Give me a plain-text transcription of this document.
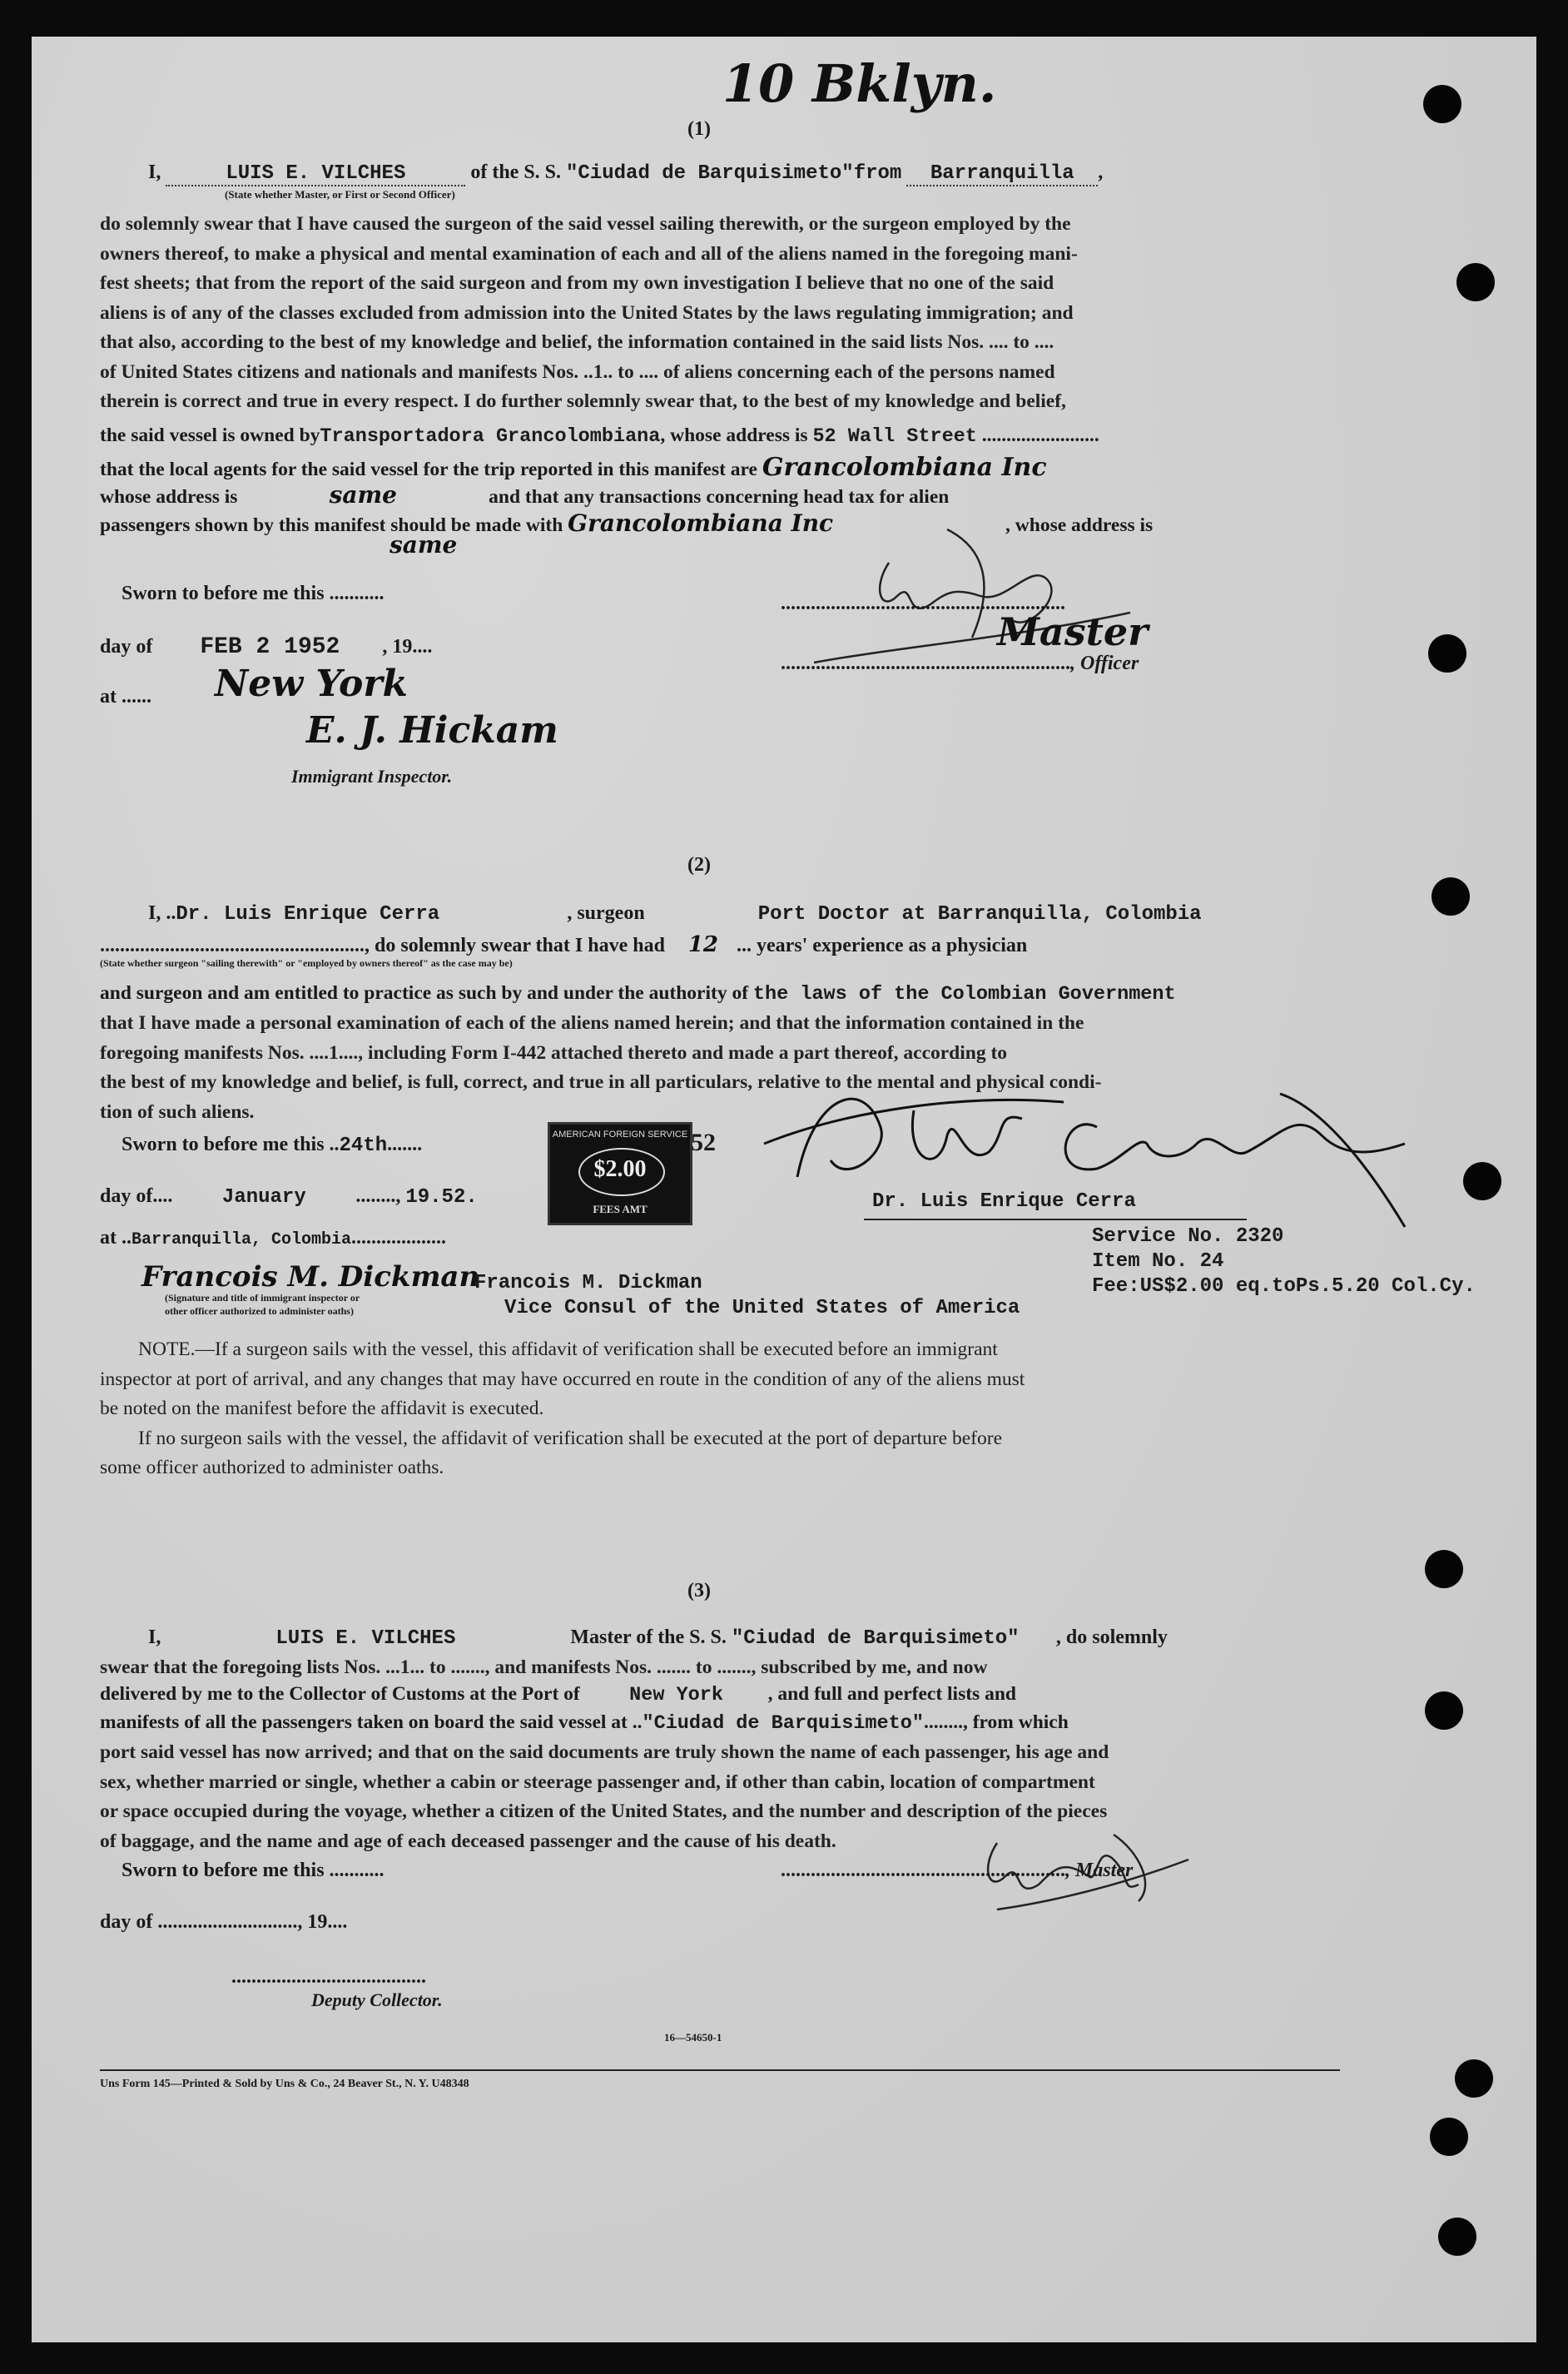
10 Bklyn.
(1)
I,	LUIS E. VILCHES	of the S. S. "Ciudad de Barquisimeto"from Barranquilla ,
(State whether Master, or First or Second Officer)
do solemnly swear that I have caused the surgeon of the said vessel sailing therewith, or the surgeon employed by the
owners thereof, to make a physical and mental examination of each and all of the aliens named in the foregoing mani-
fest sheets; that from the report of the said surgeon and from my own investigation I believe that no one of the said
aliens is of any of the classes excluded from admission into the United States by the laws regulating immigration; and
that also, according to the best of my knowledge and belief, the information contained in the said lists Nos. .... to ....
of United States citizens and nationals and manifests Nos. ..1.. to .... of aliens concerning each of the persons named
therein is correct and true in every respect. I do further solemnly swear that, to the best of my knowledge and belief,
the said vessel is owned byTransportadora Grancolombiana, whose address is 52 Wall Street ........................
that the local agents for the said vessel for the trip reported in this manifest are Grancolombiana Inc
whose address is	same	and that any transactions concerning head tax for alien
passengers shown by this manifest should be made with Grancolombiana Inc	, whose address is
same
Sworn to before me this ...........
day of FEB 2 1952 , 19....
at ...... New York
E. J. Hickam
Immigrant Inspector.
.........................................................
Master
.........................................................., Officer
(2)
I, ..Dr. Luis Enrique Cerra	, surgeon	Port Doctor at Barranquilla, Colombia
....................................................., do solemnly swear that I have had 12 ... years' experience as a physician
(State whether surgeon "sailing therewith" or "employed by owners thereof" as the case may be)
and surgeon and am entitled to practice as such by and under the authority of the laws of the Colombian Government
that I have made a personal examination of each of the aliens named herein; and that the information contained in the
foregoing manifests Nos. ....1...., including Form I-442 attached thereto and made a part thereof, according to
the best of my knowledge and belief, is full, correct, and true in all particulars, relative to the mental and physical condi-
tion of such aliens.
Sworn to before me this ..24th.......
day of.... January ........, 19.52.
at ..Barranquilla, Colombia...................
AMERICAN FOREIGN SERVICE
$2.00
FEES AMT
52
Dr. Luis Enrique Cerra
Service No. 2320
Item No. 24
Fee:US$2.00 eq.toPs.5.20 Col.Cy.
Francois M. Dickman
Francois M. Dickman
Vice Consul of the United States of America
(Signature and title of immigrant inspector or
other officer authorized to administer oaths)
NOTE.—If a surgeon sails with the vessel, this affidavit of verification shall be executed before an immigrant
inspector at port of arrival, and any changes that may have occurred en route in the condition of any of the aliens must
be noted on the manifest before the affidavit is executed.
If no surgeon sails with the vessel, the affidavit of verification shall be executed at the port of departure before
some officer authorized to administer oaths.
(3)
I,	LUIS E. VILCHES	Master of the S. S. "Ciudad de Barquisimeto" , do solemnly
swear that the foregoing lists Nos. ...1... to ......., and manifests Nos. ....... to ......., subscribed by me, and now
delivered by me to the Collector of Customs at the Port of	New York , and full and perfect lists and
manifests of all the passengers taken on board the said vessel at .."Ciudad de Barquisimeto"........, from which
port said vessel has now arrived; and that on the said documents are truly shown the name of each passenger, his age and
sex, whether married or single, whether a cabin or steerage passenger and, if other than cabin, location of compartment
or space occupied during the voyage, whether a citizen of the United States, and the number and description of the pieces
of baggage, and the name and age of each deceased passenger and the cause of his death.
Sworn to before me this ...........
day of ............................, 19....
.......................................
Deputy Collector.
........................................................., Master
16—54650-1
Uns Form 145—Printed & Sold by Uns & Co., 24 Beaver St., N. Y. U48348
